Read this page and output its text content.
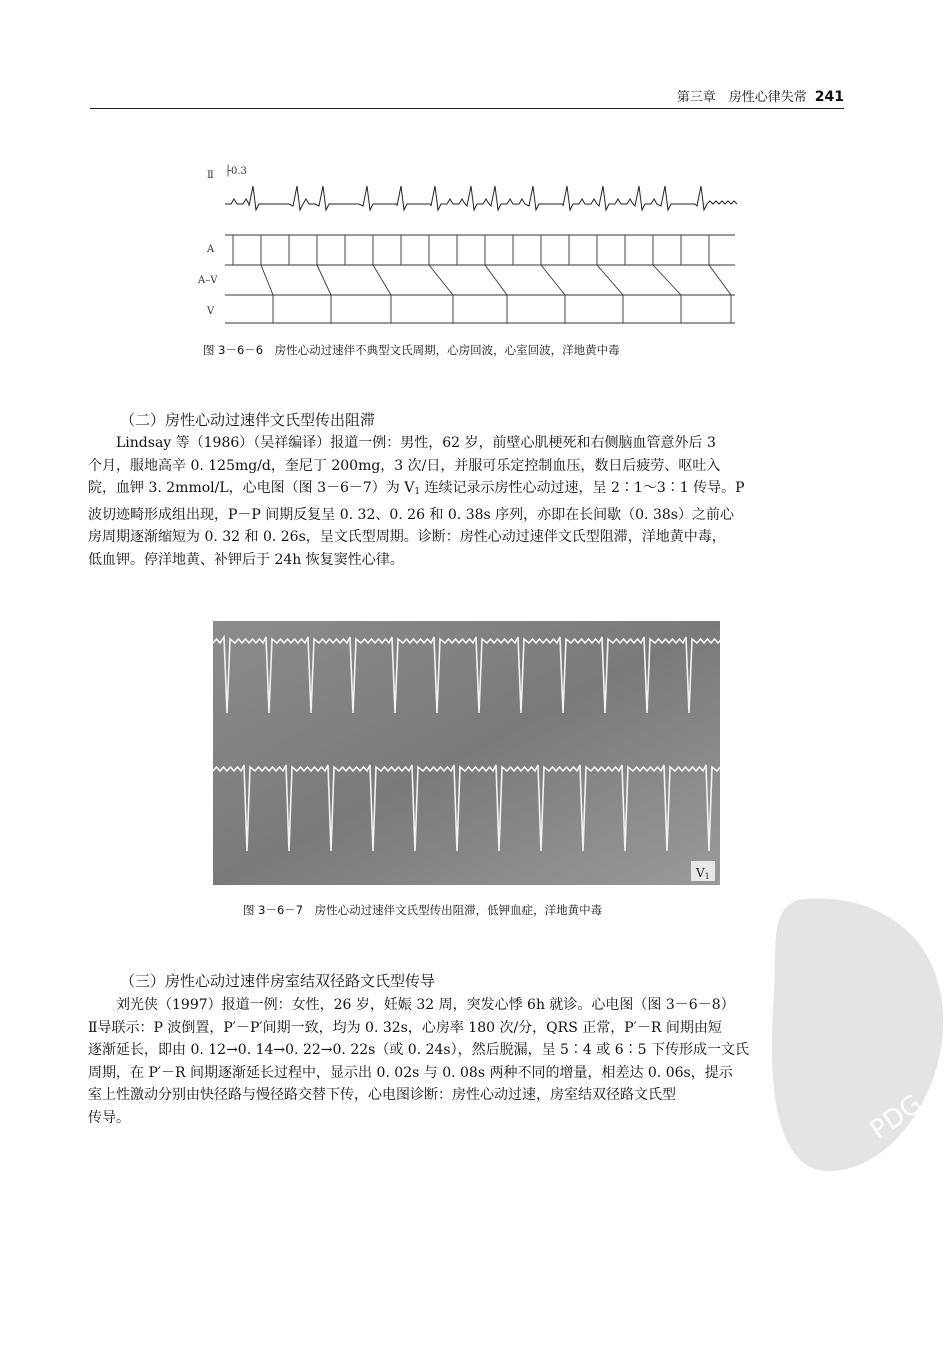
第三章　房性心律失常 241
Ⅱ ├0.3
A
A–V
V
图 3－6－6　房性心动过速伴不典型文氏周期，心房回波，心室回波，洋地黄中毒
（二）房性心动过速伴文氏型传出阻滞

Lindsay 等（1986）（吴祥编译）报道一例：男性，62 岁，前壁心肌梗死和右侧脑血管意外后 3
个月，服地高辛 0. 125mg/d，奎尼丁 200mg，3 次/日，并服可乐定控制血压，数日后疲劳、呕吐入
院，血钾 3. 2mmol/L，心电图（图 3－6－7）为 $V_1$ 连续记录示房性心动过速，呈 2∶1～3∶1 传导。P
波切迹畸形成组出现，P－P 间期反复呈 0. 32、0. 26 和 0. 38s 序列，亦即在长间歇（0. 38s）之前心
房周期逐渐缩短为 0. 32 和 0. 26s，呈文氏型周期。诊断：房性心动过速伴文氏型阻滞，洋地黄中毒，
低血钾。停洋地黄、补钾后于 24h 恢复窦性心律。

V1
图 3－6－7　房性心动过速伴文氏型传出阻滞，低钾血症，洋地黄中毒
（三）房性心动过速伴房室结双径路文氏型传导

刘光侠（1997）报道一例：女性，26 岁，妊娠 32 周，突发心悸 6h 就诊。心电图（图 3－6－8）
Ⅱ导联示：P 波倒置，P′－P′间期一致，均为 0. 32s，心房率 180 次/分，QRS 正常，P′－R 间期由短
逐渐延长，即由 0. 12→0. 14→0. 22→0. 22s（或 0. 24s），然后脱漏，呈 5∶4 或 6∶5 下传形成一文氏
周期，在 P′－R 间期逐渐延长过程中，显示出 0. 02s 与 0. 08s 两种不同的增量，相差达 0. 06s，提示
室上性激动分别由快径路与慢径路交替下传，心电图诊断：房性心动过速，房室结双径路文氏型
传导。	PDG
